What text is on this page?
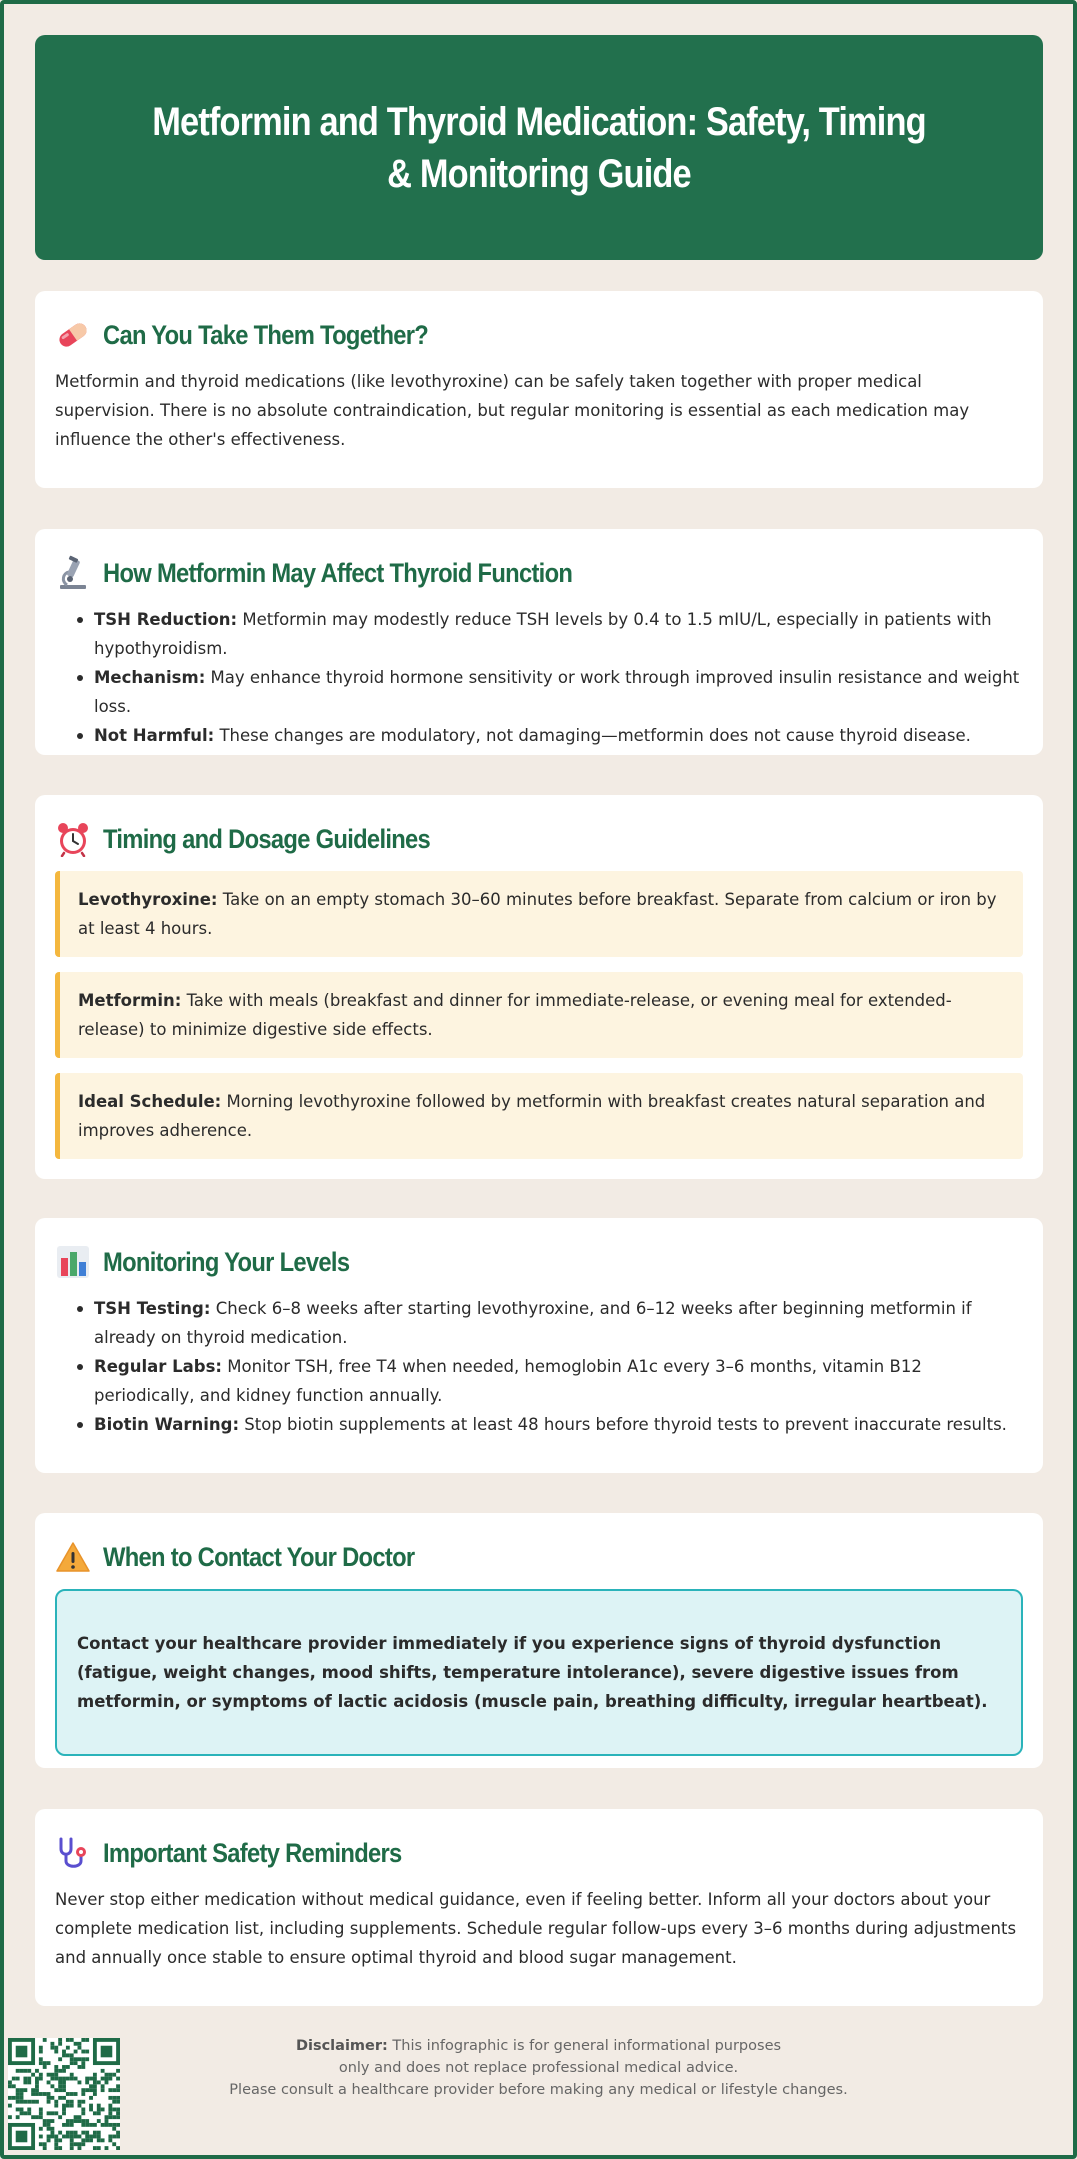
Metformin and Thyroid Medication: Safety, Timing & Monitoring Guide
Can You Take Them Together?

Metformin and thyroid medications (like levothyroxine) can be safely taken together with proper medical supervision. There is no absolute contraindication, but regular monitoring is essential as each medication may influence the other's effectiveness.

How Metformin May Affect Thyroid Function
TSH Reduction: Metformin may modestly reduce TSH levels by 0.4 to 1.5 mIU/L, especially in patients with hypothyroidism.
Mechanism: May enhance thyroid hormone sensitivity or work through improved insulin resistance and weight loss.
Not Harmful: These changes are modulatory, not damaging—metformin does not cause thyroid disease.
Timing and Dosage Guidelines
Levothyroxine: Take on an empty stomach 30–60 minutes before breakfast. Separate from calcium or iron by at least 4 hours.
Metformin: Take with meals (breakfast and dinner for immediate-release, or evening meal for extended-release) to minimize digestive side effects.
Ideal Schedule: Morning levothyroxine followed by metformin with breakfast creates natural separation and improves adherence.
Monitoring Your Levels
TSH Testing: Check 6–8 weeks after starting levothyroxine, and 6–12 weeks after beginning metformin if already on thyroid medication.
Regular Labs: Monitor TSH, free T4 when needed, hemoglobin A1c every 3–6 months, vitamin B12 periodically, and kidney function annually.
Biotin Warning: Stop biotin supplements at least 48 hours before thyroid tests to prevent inaccurate results.
When to Contact Your Doctor
Contact your healthcare provider immediately if you experience signs of thyroid dysfunction (fatigue, weight changes, mood shifts, temperature intolerance), severe digestive issues from metformin, or symptoms of lactic acidosis (muscle pain, breathing difficulty, irregular heartbeat).
Important Safety Reminders

Never stop either medication without medical guidance, even if feeling better. Inform all your doctors about your complete medication list, including supplements. Schedule regular follow-ups every 3–6 months during adjustments and annually once stable to ensure optimal thyroid and blood sugar management.

Disclaimer: This infographic is for general informational purposes
only and does not replace professional medical advice.
Please consult a healthcare provider before making any medical or lifestyle changes.
